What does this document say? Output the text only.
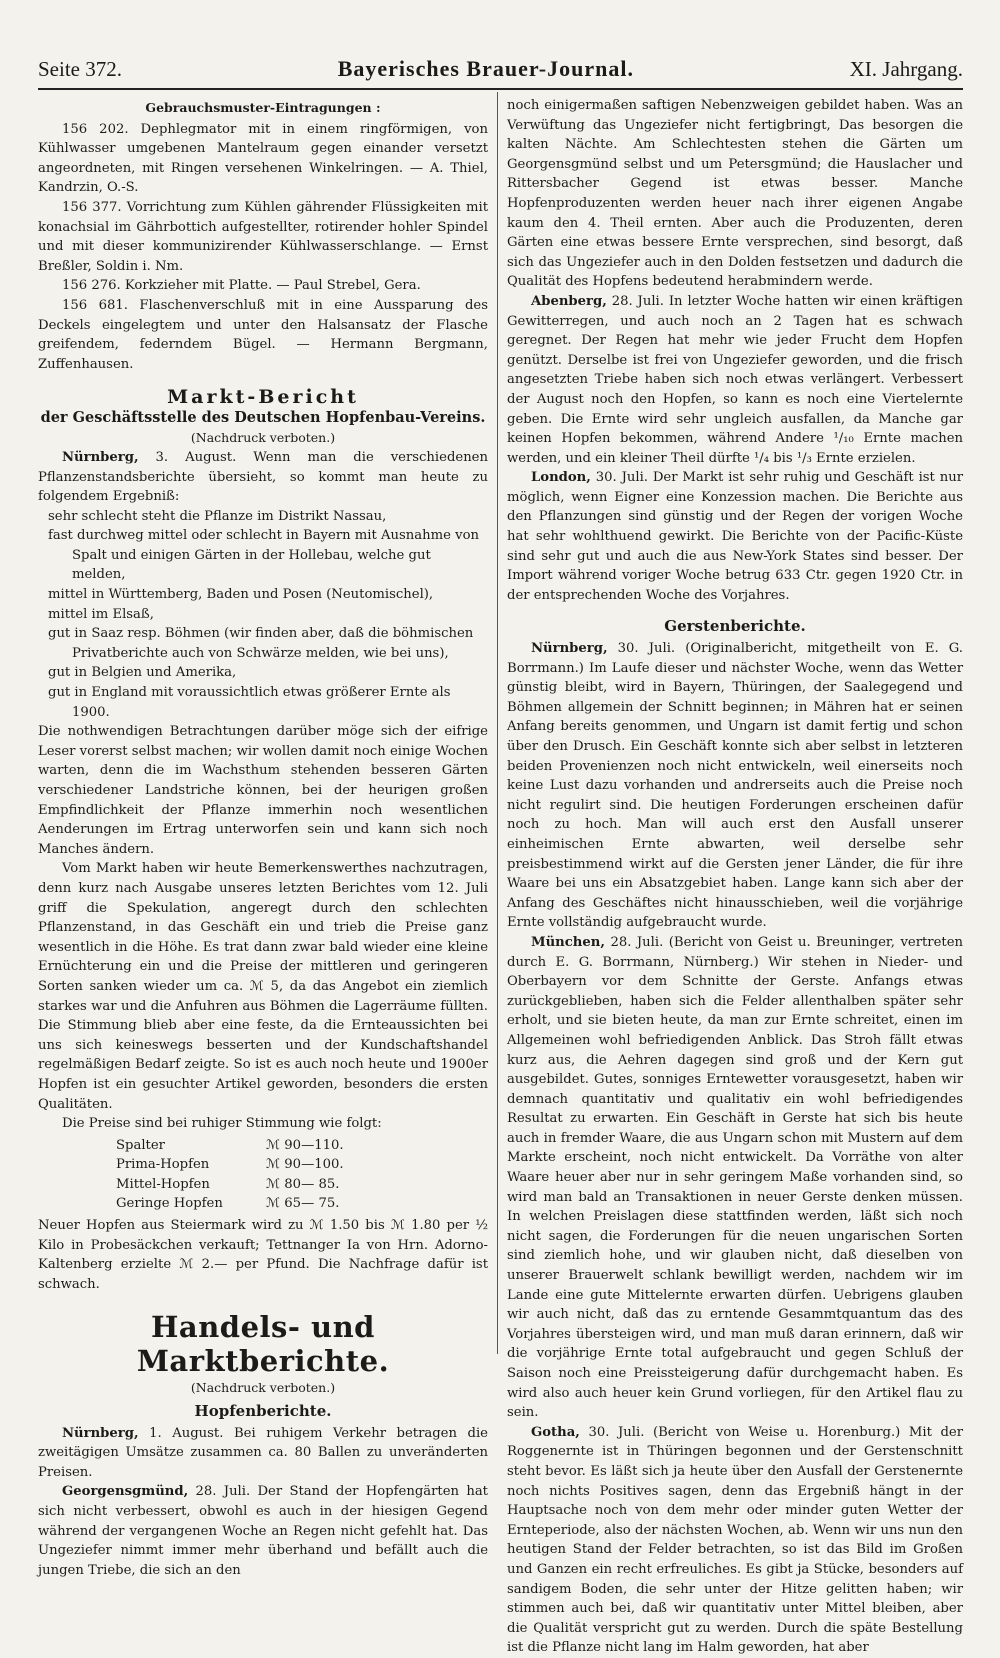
Seite 372.	Bayerisches Brauer-Journal.	XI. Jahrgang.

Gebrauchsmuster-Eintragungen :

156 202. Dephlegmator mit in einem ringförmigen, von Kühlwasser umgebenen Mantelraum gegen einander versetzt angeordneten, mit Ringen versehenen Winkelringen. — A. Thiel, Kandrzin, O.-S.

156 377. Vorrichtung zum Kühlen gährender Flüssigkeiten mit konachsial im Gährbottich aufgestellter, rotirender hohler Spindel und mit dieser kommunizirender Kühlwasserschlange. — Ernst Breßler, Soldin i. Nm.

156 276. Korkzieher mit Platte. — Paul Strebel, Gera.

156 681. Flaschenverschluß mit in eine Aussparung des Deckels eingelegtem und unter den Halsansatz der Flasche greifendem, federndem Bügel. — Hermann Bergmann, Zuffenhausen.

Markt-Bericht

der Geschäftsstelle des Deutschen Hopfenbau-Vereins.

(Nachdruck verboten.)

Nürnberg, 3. August. Wenn man die verschiedenen Pflanzenstandsberichte übersieht, so kommt man heute zu folgendem Ergebniß:

sehr schlecht steht die Pflanze im Distrikt Nassau,

fast durchweg mittel oder schlecht in Bayern mit Ausnahme von Spalt und einigen Gärten in der Hollebau, welche gut melden,

mittel in Württemberg, Baden und Posen (Neutomischel),

mittel im Elsaß,

gut in Saaz resp. Böhmen (wir finden aber, daß die böhmischen Privatberichte auch von Schwärze melden, wie bei uns),

gut in Belgien und Amerika,

gut in England mit voraussichtlich etwas größerer Ernte als 1900.

Die nothwendigen Betrachtungen darüber möge sich der eifrige Leser vorerst selbst machen; wir wollen damit noch einige Wochen warten, denn die im Wachsthum stehenden besseren Gärten verschiedener Landstriche können, bei der heurigen großen Empfindlichkeit der Pflanze immerhin noch wesentlichen Aenderungen im Ertrag unterworfen sein und kann sich noch Manches ändern.

Vom Markt haben wir heute Bemerkenswerthes nachzutragen, denn kurz nach Ausgabe unseres letzten Berichtes vom 12. Juli griff die Spekulation, angeregt durch den schlechten Pflanzenstand, in das Geschäft ein und trieb die Preise ganz wesentlich in die Höhe. Es trat dann zwar bald wieder eine kleine Ernüchterung ein und die Preise der mittleren und geringeren Sorten sanken wieder um ca. ℳ 5, da das Angebot ein ziemlich starkes war und die Anfuhren aus Böhmen die Lagerräume füllten. Die Stimmung blieb aber eine feste, da die Ernteaussichten bei uns sich keineswegs besserten und der Kundschaftshandel regelmäßigen Bedarf zeigte. So ist es auch noch heute und 1900er Hopfen ist ein gesuchter Artikel geworden, besonders die ersten Qualitäten.

Die Preise sind bei ruhiger Stimmung wie folgt:

Spalter	ℳ 90—110.
Prima-Hopfen	ℳ 90—100.
Mittel-Hopfen	ℳ 80— 85.
Geringe Hopfen	ℳ 65— 75.

Neuer Hopfen aus Steiermark wird zu ℳ 1.50 bis ℳ 1.80 per ½ Kilo in Probesäckchen verkauft; Tettnanger Ia von Hrn. Adorno-Kaltenberg erzielte ℳ 2.— per Pfund. Die Nachfrage dafür ist schwach.

Handels- und Marktberichte.

(Nachdruck verboten.)

Hopfenberichte.

Nürnberg, 1. August. Bei ruhigem Verkehr betragen die zweitägigen Umsätze zusammen ca. 80 Ballen zu unveränderten Preisen.

Georgensgmünd, 28. Juli. Der Stand der Hopfengärten hat sich nicht verbessert, obwohl es auch in der hiesigen Gegend während der vergangenen Woche an Regen nicht gefehlt hat. Das Ungeziefer nimmt immer mehr überhand und befällt auch die jungen Triebe, die sich an den

noch einigermaßen saftigen Nebenzweigen gebildet haben. Was an Verwüftung das Ungeziefer nicht fertigbringt, Das besorgen die kalten Nächte. Am Schlechtesten stehen die Gärten um Georgensgmünd selbst und um Petersgmünd; die Hauslacher und Rittersbacher Gegend ist etwas besser. Manche Hopfenproduzenten werden heuer nach ihrer eigenen Angabe kaum den 4. Theil ernten. Aber auch die Produzenten, deren Gärten eine etwas bessere Ernte versprechen, sind besorgt, daß sich das Ungeziefer auch in den Dolden festsetzen und dadurch die Qualität des Hopfens bedeutend herabmindern werde.

Abenberg, 28. Juli. In letzter Woche hatten wir einen kräftigen Gewitterregen, und auch noch an 2 Tagen hat es schwach geregnet. Der Regen hat mehr wie jeder Frucht dem Hopfen genützt. Derselbe ist frei von Ungeziefer geworden, und die frisch angesetzten Triebe haben sich noch etwas verlängert. Verbessert der August noch den Hopfen, so kann es noch eine Viertelernte geben. Die Ernte wird sehr ungleich ausfallen, da Manche gar keinen Hopfen bekommen, während Andere ¹/₁₀ Ernte machen werden, und ein kleiner Theil dürfte ¹/₄ bis ¹/₃ Ernte erzielen.

London, 30. Juli. Der Markt ist sehr ruhig und Geschäft ist nur möglich, wenn Eigner eine Konzession machen. Die Berichte aus den Pflanzungen sind günstig und der Regen der vorigen Woche hat sehr wohlthuend gewirkt. Die Berichte von der Pacific-Küste sind sehr gut und auch die aus New-York States sind besser. Der Import während voriger Woche betrug 633 Ctr. gegen 1920 Ctr. in der entsprechenden Woche des Vorjahres.

Gerstenberichte.

Nürnberg, 30. Juli. (Originalbericht, mitgetheilt von E. G. Borrmann.) Im Laufe dieser und nächster Woche, wenn das Wetter günstig bleibt, wird in Bayern, Thüringen, der Saalegegend und Böhmen allgemein der Schnitt beginnen; in Mähren hat er seinen Anfang bereits genommen, und Ungarn ist damit fertig und schon über den Drusch. Ein Geschäft konnte sich aber selbst in letzteren beiden Provenienzen noch nicht entwickeln, weil einerseits noch keine Lust dazu vorhanden und andrerseits auch die Preise noch nicht regulirt sind. Die heutigen Forderungen erscheinen dafür noch zu hoch. Man will auch erst den Ausfall unserer einheimischen Ernte abwarten, weil derselbe sehr preisbestimmend wirkt auf die Gersten jener Länder, die für ihre Waare bei uns ein Absatzgebiet haben. Lange kann sich aber der Anfang des Geschäftes nicht hinausschieben, weil die vorjährige Ernte vollständig aufgebraucht wurde.

München, 28. Juli. (Bericht von Geist u. Breuninger, vertreten durch E. G. Borrmann, Nürnberg.) Wir stehen in Nieder- und Oberbayern vor dem Schnitte der Gerste. Anfangs etwas zurückgeblieben, haben sich die Felder allenthalben später sehr erholt, und sie bieten heute, da man zur Ernte schreitet, einen im Allgemeinen wohl befriedigenden Anblick. Das Stroh fällt etwas kurz aus, die Aehren dagegen sind groß und der Kern gut ausgebildet. Gutes, sonniges Erntewetter vorausgesetzt, haben wir demnach quantitativ und qualitativ ein wohl befriedigendes Resultat zu erwarten. Ein Geschäft in Gerste hat sich bis heute auch in fremder Waare, die aus Ungarn schon mit Mustern auf dem Markte erscheint, noch nicht entwickelt. Da Vorräthe von alter Waare heuer aber nur in sehr geringem Maße vorhanden sind, so wird man bald an Transaktionen in neuer Gerste denken müssen. In welchen Preislagen diese stattfinden werden, läßt sich noch nicht sagen, die Forderungen für die neuen ungarischen Sorten sind ziemlich hohe, und wir glauben nicht, daß dieselben von unserer Brauerwelt schlank bewilligt werden, nachdem wir im Lande eine gute Mittelernte erwarten dürfen. Uebrigens glauben wir auch nicht, daß das zu erntende Gesammtquantum das des Vorjahres übersteigen wird, und man muß daran erinnern, daß wir die vorjährige Ernte total aufgebraucht und gegen Schluß der Saison noch eine Preissteigerung dafür durchgemacht haben. Es wird also auch heuer kein Grund vorliegen, für den Artikel flau zu sein.

Gotha, 30. Juli. (Bericht von Weise u. Horenburg.) Mit der Roggenernte ist in Thüringen begonnen und der Gerstenschnitt steht bevor. Es läßt sich ja heute über den Ausfall der Gerstenernte noch nichts Positives sagen, denn das Ergebniß hängt in der Hauptsache noch von dem mehr oder minder guten Wetter der Ernteperiode, also der nächsten Wochen, ab. Wenn wir uns nun den heutigen Stand der Felder betrachten, so ist das Bild im Großen und Ganzen ein recht erfreuliches. Es gibt ja Stücke, besonders auf sandigem Boden, die sehr unter der Hitze gelitten haben; wir stimmen auch bei, daß wir quantitativ unter Mittel bleiben, aber die Qualität verspricht gut zu werden. Durch die späte Bestellung ist die Pflanze nicht lang im Halm geworden, hat aber
